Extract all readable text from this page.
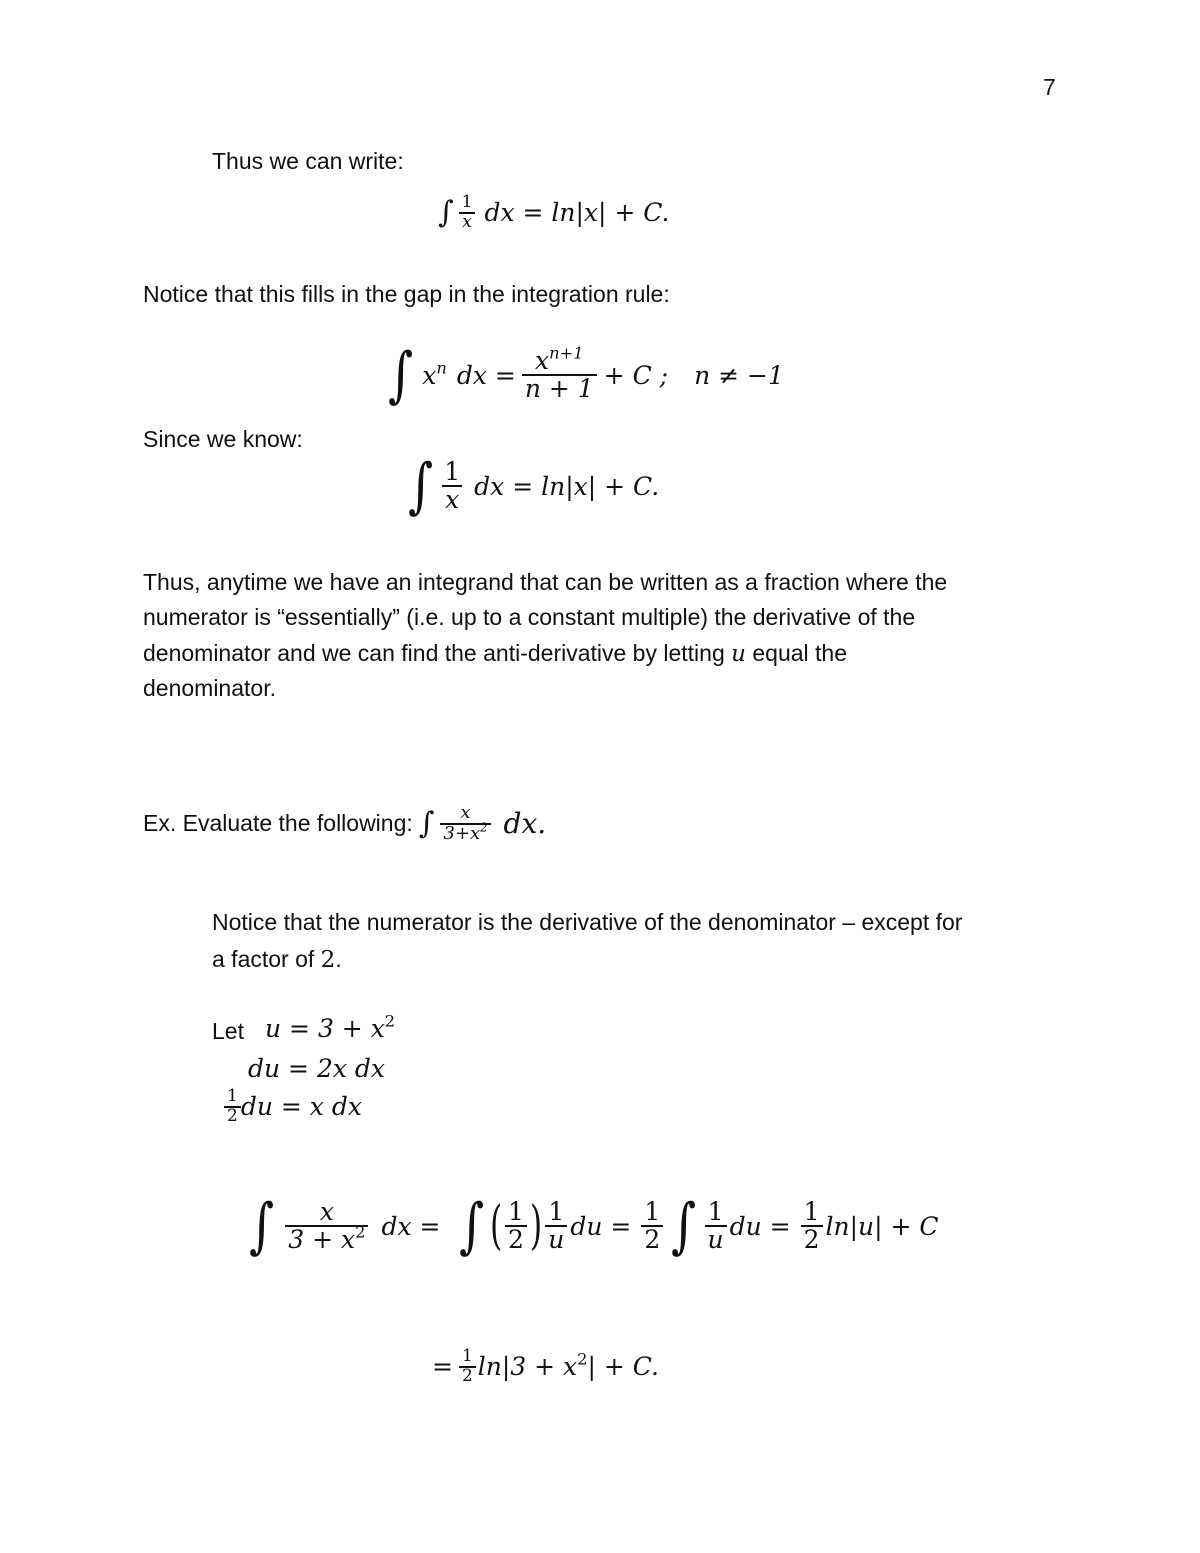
7
Thus we can write:
∫ $\frac{1}{x}$ dx = ln|x| + C.
Notice that this fills in the gap in the integration rule:
∫ $x^n$ dx = $\frac{x^{n+1}}{n + 1} + C$ ; n ≠ −1
Since we know:
∫ $\frac{1}{x}$ dx = ln|x| + C.
Thus, anytime we have an integrand that can be written as a fraction where the
numerator is “essentially” (i.e. up to a constant multiple) the derivative of the
denominator and we can find the anti-derivative by letting u equal the
denominator.
Ex. Evaluate the following: ∫ $\frac{x}{3+x^2}$ dx.
Notice that the numerator is the derivative of the denominator – except for
a factor of 2.
Let $u = 3 + x^2$
du = 2x dx
$\frac{1}{2}$ du = x dx
∫ $\frac{x}{3 + x^2}$ dx = ∫ ( $\frac{1}{2}$ ) $\frac{1}{u}$ du = $\frac{1}{2}$ ∫ $\frac{1}{u}$ du = $\frac{1}{2} \ln|u| + C$
= $\frac{1}{2} \ln|3 + x^2| + C$.
